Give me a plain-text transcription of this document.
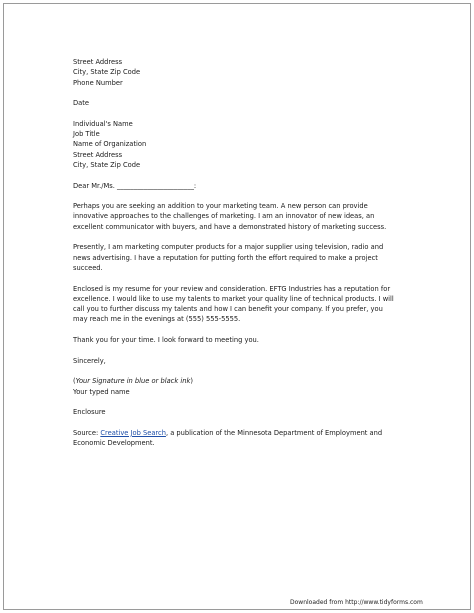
Street Address
City, State Zip Code
Phone Number
Date
Individual's Name
Job Title
Name of Organization
Street Address
City, State Zip Code
Dear Mr./Ms. _______________________:
Perhaps you are seeking an addition to your marketing team. A new person can provide
innovative approaches to the challenges of marketing. I am an innovator of new ideas, an
excellent communicator with buyers, and have a demonstrated history of marketing success.
Presently, I am marketing computer products for a major supplier using television, radio and
news advertising. I have a reputation for putting forth the effort required to make a project
succeed.
Enclosed is my resume for your review and consideration. EFTG Industries has a reputation for
excellence. I would like to use my talents to market your quality line of technical products. I will
call you to further discuss my talents and how I can benefit your company. If you prefer, you
may reach me in the evenings at (555) 555-5555.
Thank you for your time. I look forward to meeting you.
Sincerely,
(Your Signature in blue or black ink)
Your typed name
Enclosure
Source: Creative Job Search, a publication of the Minnesota Department of Employment and
Economic Development.
Downloaded from http://www.tidyforms.com
